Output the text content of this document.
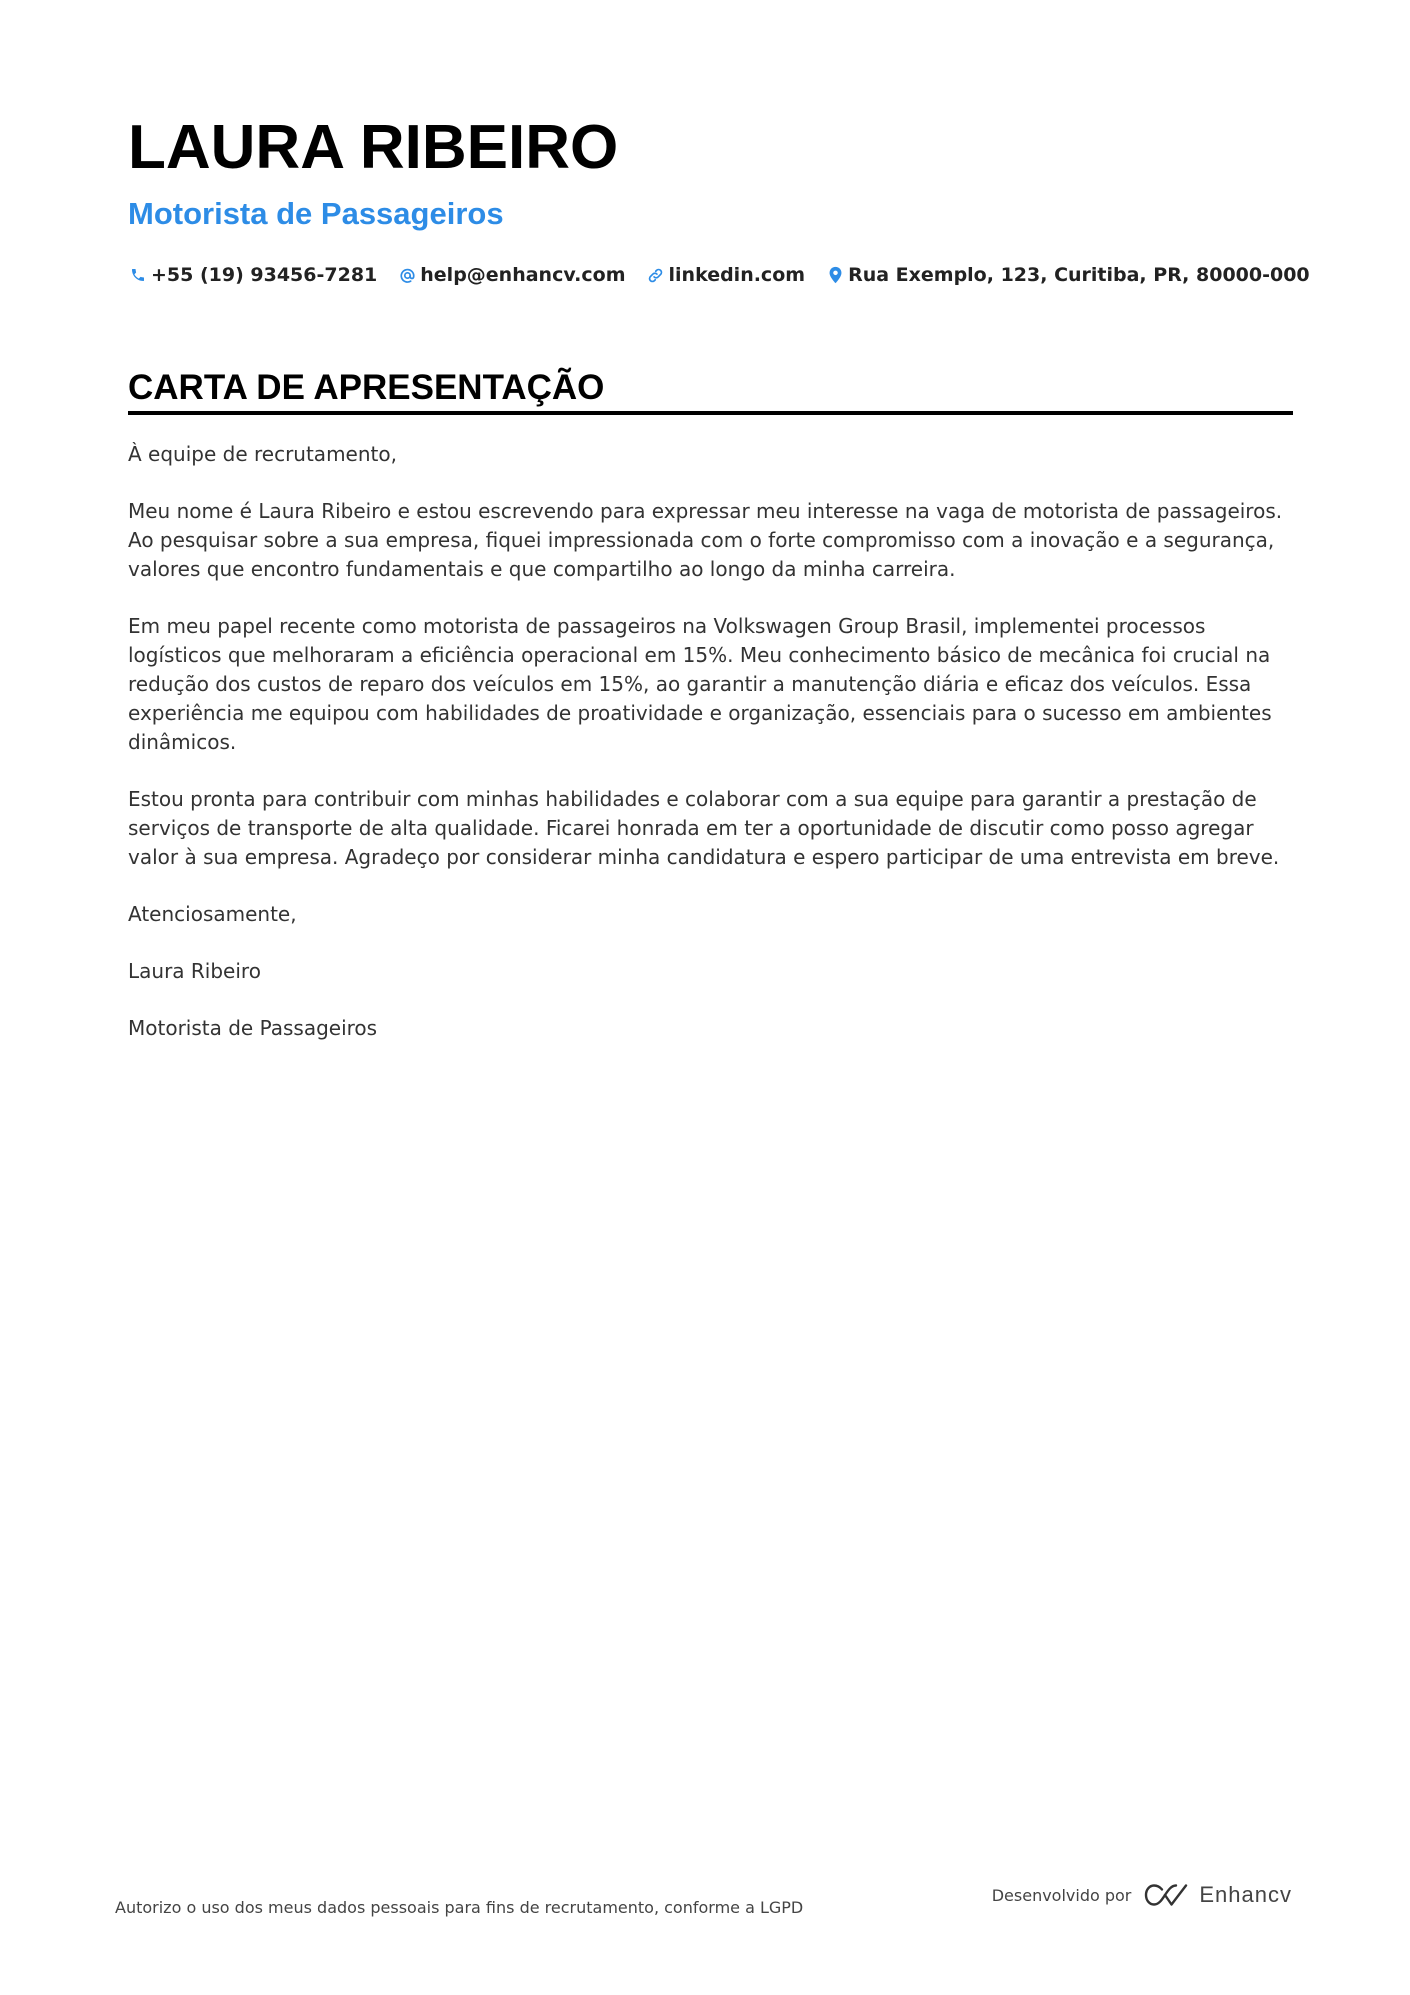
LAURA RIBEIRO
Motorista de Passageiros
+55 (19) 93456-7281 help@enhancv.com linkedin.com Rua Exemplo, 123, Curitiba, PR, 80000-000
CARTA DE APRESENTAÇÃO

À equipe de recrutamento,

Meu nome é Laura Ribeiro e estou escrevendo para expressar meu interesse na vaga de motorista de passageiros. Ao pesquisar sobre a sua empresa, fiquei impressionada com o forte compromisso com a inovação e a segurança, valores que encontro fundamentais e que compartilho ao longo da minha carreira.

Em meu papel recente como motorista de passageiros na Volkswagen Group Brasil, implementei processos logísticos que melhoraram a eficiência operacional em 15%. Meu conhecimento básico de mecânica foi crucial na redução dos custos de reparo dos veículos em 15%, ao garantir a manutenção diária e eficaz dos veículos. Essa experiência me equipou com habilidades de proatividade e organização, essenciais para o sucesso em ambientes dinâmicos.

Estou pronta para contribuir com minhas habilidades e colaborar com a sua equipe para garantir a prestação de serviços de transporte de alta qualidade. Ficarei honrada em ter a oportunidade de discutir como posso agregar valor à sua empresa. Agradeço por considerar minha candidatura e espero participar de uma entrevista em breve.

Atenciosamente,

Laura Ribeiro

Motorista de Passageiros

Autorizo o uso dos meus dados pessoais para fins de recrutamento, conforme a LGPD
Desenvolvido por	Enhancv
